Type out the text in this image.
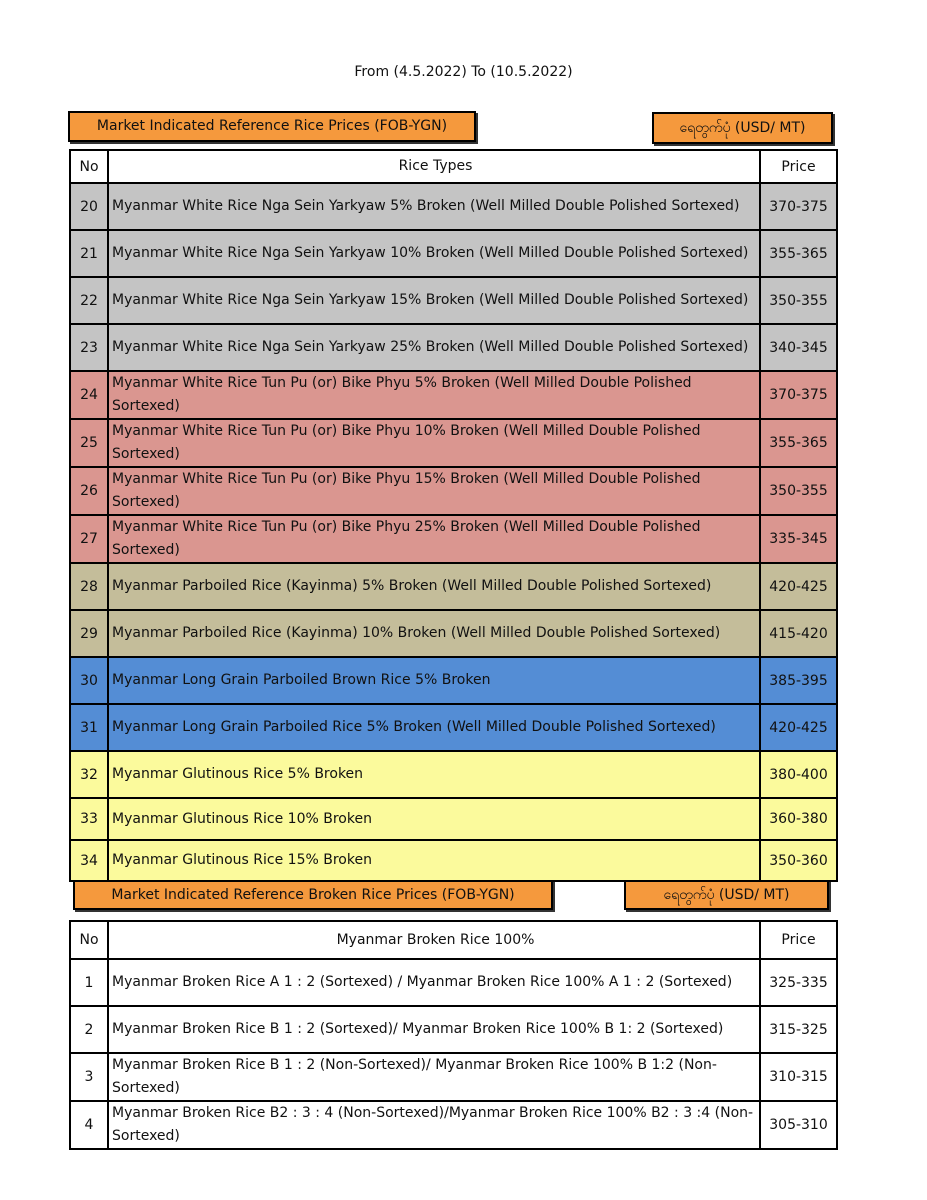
From (4.5.2022) To (10.5.2022)
Market Indicated Reference Rice Prices (FOB-YGN)	ရေတွက်ပုံ (USD/ MT)
No	Rice Types	Price
20	Myanmar White Rice Nga Sein Yarkyaw 5% Broken (Well Milled Double Polished Sortexed)	370-375
21	Myanmar White Rice Nga Sein Yarkyaw 10% Broken (Well Milled Double Polished Sortexed)	355-365
22	Myanmar White Rice Nga Sein Yarkyaw 15% Broken (Well Milled Double Polished Sortexed)	350-355
23	Myanmar White Rice Nga Sein Yarkyaw 25% Broken (Well Milled Double Polished Sortexed)	340-345
24	Myanmar White Rice Tun Pu (or) Bike Phyu 5% Broken (Well Milled Double Polished Sortexed)	370-375
25	Myanmar White Rice Tun Pu (or) Bike Phyu 10% Broken (Well Milled Double Polished Sortexed)	355-365
26	Myanmar White Rice Tun Pu (or) Bike Phyu 15% Broken (Well Milled Double Polished Sortexed)	350-355
27	Myanmar White Rice Tun Pu (or) Bike Phyu 25% Broken (Well Milled Double Polished Sortexed)	335-345
28	Myanmar Parboiled Rice (Kayinma) 5% Broken (Well Milled Double Polished Sortexed)	420-425
29	Myanmar Parboiled Rice (Kayinma) 10% Broken (Well Milled Double Polished Sortexed)	415-420
30	Myanmar Long Grain Parboiled Brown Rice 5% Broken	385-395
31	Myanmar Long Grain Parboiled Rice 5% Broken (Well Milled Double Polished Sortexed)	420-425
32	Myanmar Glutinous Rice 5% Broken	380-400
33	Myanmar Glutinous Rice 10% Broken	360-380
34	Myanmar Glutinous Rice 15% Broken	350-360
Market Indicated Reference Broken Rice Prices (FOB-YGN)	ရေတွက်ပုံ (USD/ MT)
No	Myanmar Broken Rice 100%	Price
1	Myanmar Broken Rice A 1 : 2 (Sortexed) / Myanmar Broken Rice 100% A 1 : 2 (Sortexed)	325-335
2	Myanmar Broken Rice B 1 : 2 (Sortexed)/ Myanmar Broken Rice 100% B 1: 2 (Sortexed)	315-325
3	Myanmar Broken Rice B 1 : 2 (Non-Sortexed)/ Myanmar Broken Rice 100% B 1:2 (Non-Sortexed)	310-315
4	Myanmar Broken Rice B2 : 3 : 4 (Non-Sortexed)/Myanmar Broken Rice 100% B2 : 3 :4 (Non-Sortexed)	305-310
